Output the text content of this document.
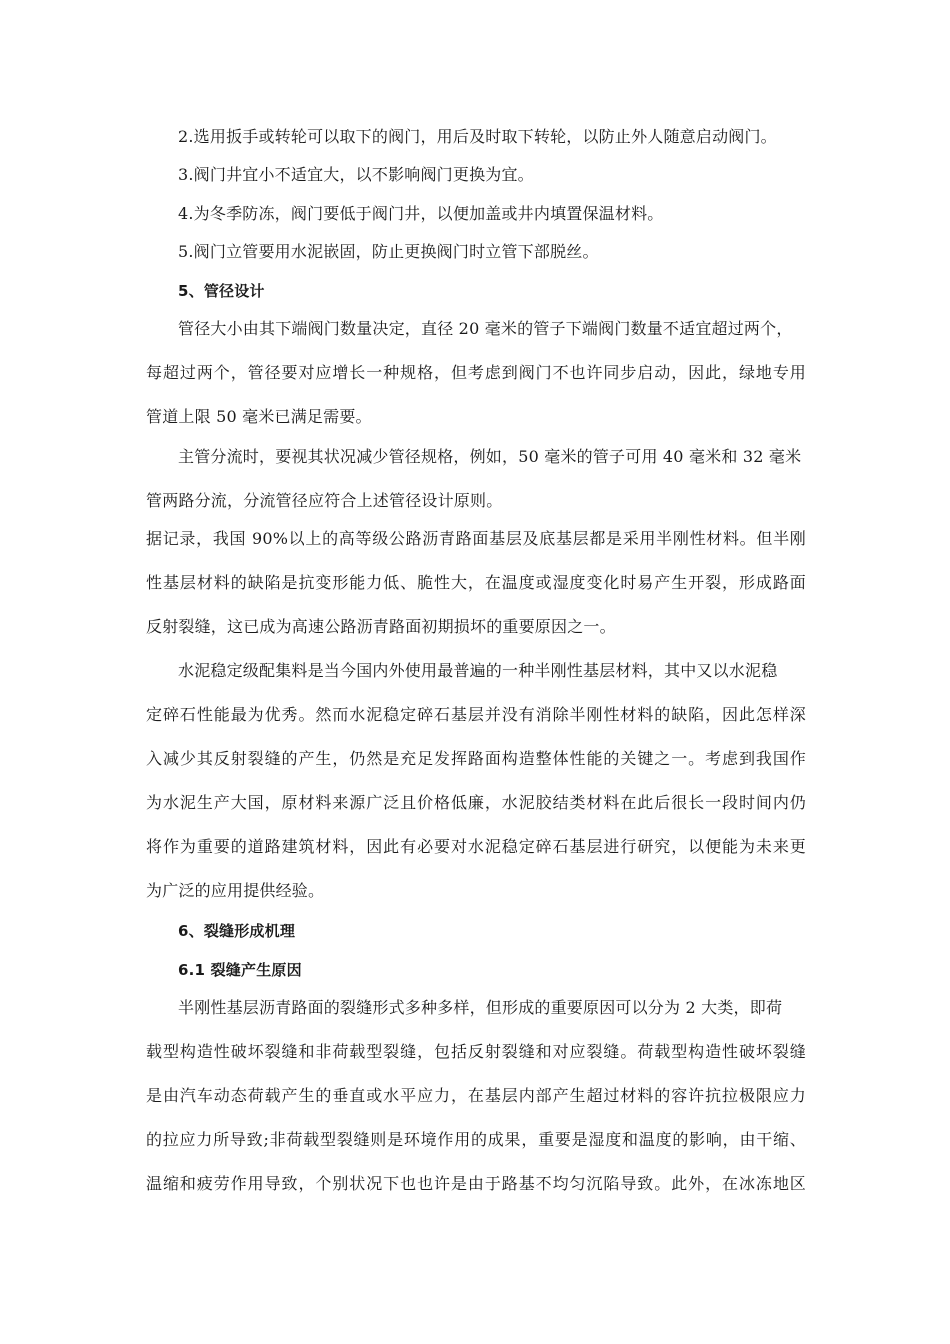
2.选用扳手或转轮可以取下的阀门，用后及时取下转轮，以防止外人随意启动阀门。
3.阀门井宜小不适宜大，以不影响阀门更换为宜。
4.为冬季防冻，阀门要低于阀门井，以便加盖或井内填置保温材料。
5.阀门立管要用水泥嵌固，防止更换阀门时立管下部脱丝。
5、管径设计
管径大小由其下端阀门数量决定，直径 20 毫米的管子下端阀门数量不适宜超过两个，
每超过两个，管径要对应增长一种规格，但考虑到阀门不也许同步启动，因此，绿地专用
管道上限 50 毫米已满足需要。
主管分流时，要视其状况减少管径规格，例如，50 毫米的管子可用 40 毫米和 32 毫米
管两路分流，分流管径应符合上述管径设计原则。
据记录，我国 90%以上的高等级公路沥青路面基层及底基层都是采用半刚性材料。但半刚
性基层材料的缺陷是抗变形能力低、脆性大，在温度或湿度变化时易产生开裂，形成路面
反射裂缝，这已成为高速公路沥青路面初期损坏的重要原因之一。
水泥稳定级配集料是当今国内外使用最普遍的一种半刚性基层材料，其中又以水泥稳
定碎石性能最为优秀。然而水泥稳定碎石基层并没有消除半刚性材料的缺陷，因此怎样深
入减少其反射裂缝的产生，仍然是充足发挥路面构造整体性能的关键之一。考虑到我国作
为水泥生产大国，原材料来源广泛且价格低廉，水泥胶结类材料在此后很长一段时间内仍
将作为重要的道路建筑材料，因此有必要对水泥稳定碎石基层进行研究，以便能为未来更
为广泛的应用提供经验。
6、裂缝形成机理
6.1 裂缝产生原因
半刚性基层沥青路面的裂缝形式多种多样，但形成的重要原因可以分为 2 大类，即荷
载型构造性破坏裂缝和非荷载型裂缝，包括反射裂缝和对应裂缝。荷载型构造性破坏裂缝
是由汽车动态荷载产生的垂直或水平应力，在基层内部产生超过材料的容许抗拉极限应力
的拉应力所导致;非荷载型裂缝则是环境作用的成果，重要是湿度和温度的影响，由干缩、
温缩和疲劳作用导致，个别状况下也也许是由于路基不均匀沉陷导致。此外，在冰冻地区
